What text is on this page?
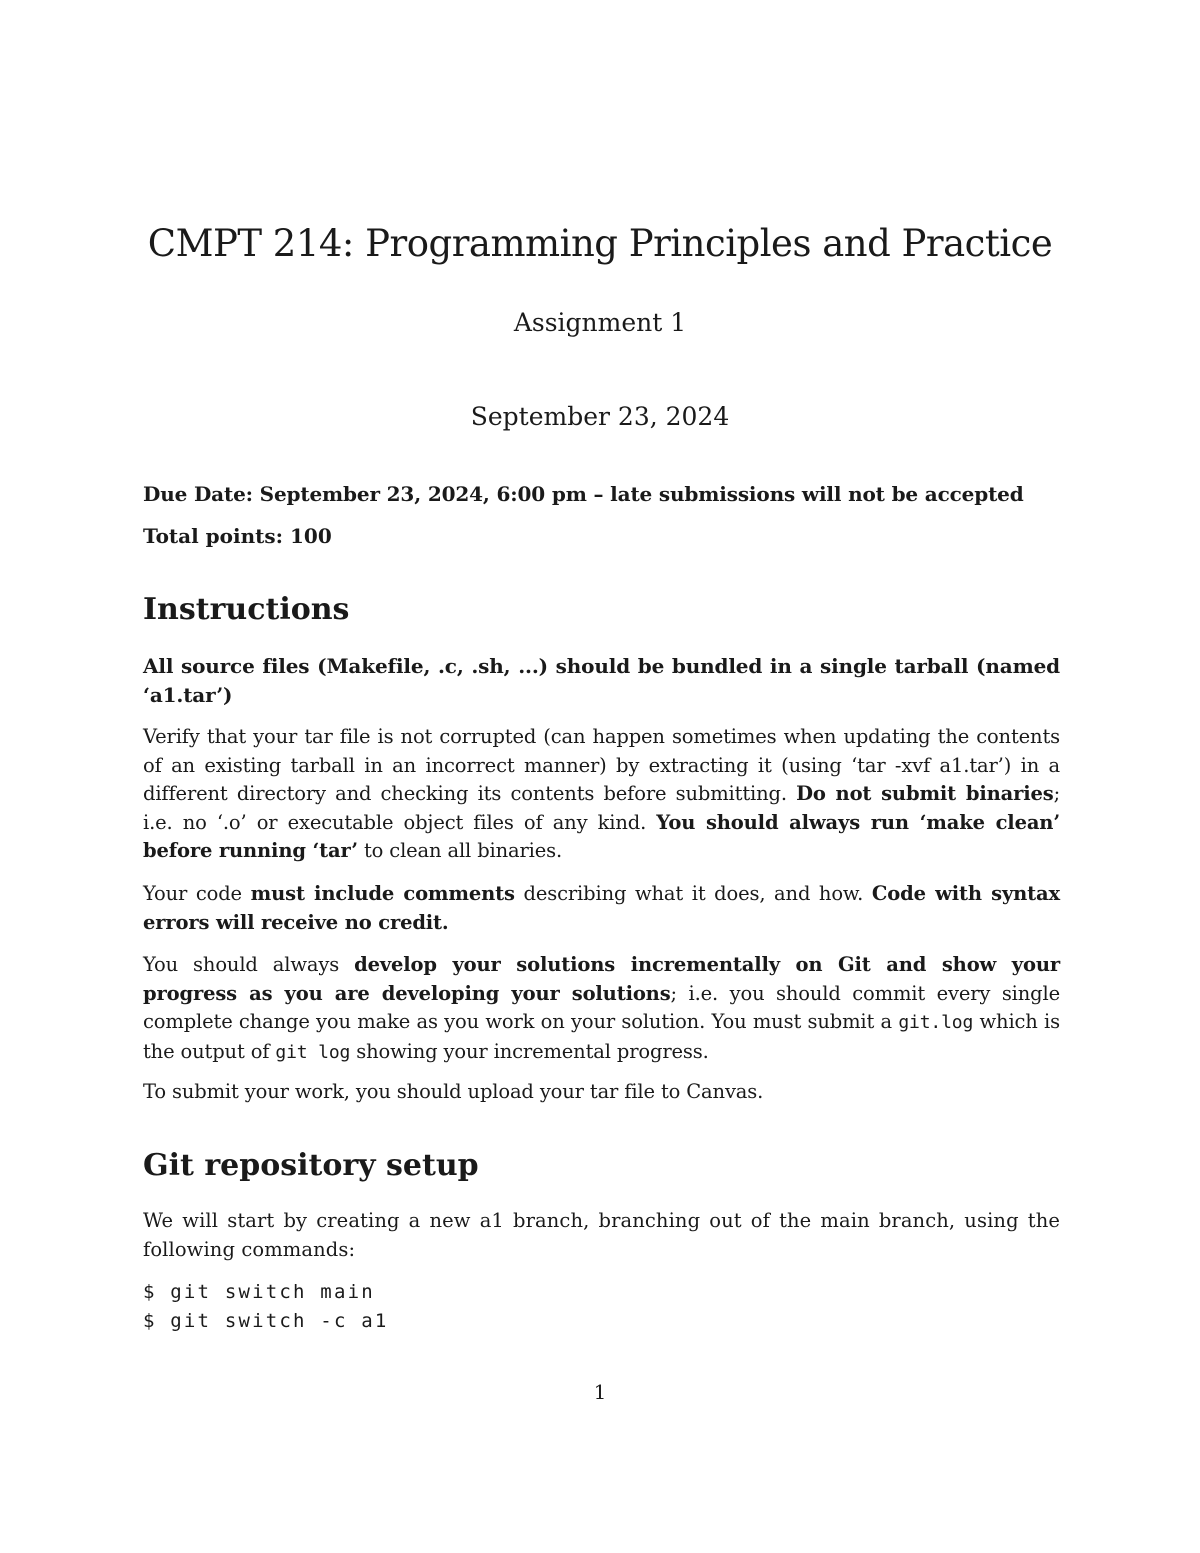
CMPT 214: Programming Principles and Practice
Assignment 1
September 23, 2024
Due Date: September 23, 2024, 6:00 pm – late submissions will not be accepted
Total points: 100
Instructions
All source files (Makefile, .c, .sh, ...) should be bundled in a single tarball (named ‘a1.tar’)
Verify that your tar file is not corrupted (can happen sometimes when updating the contents of an existing tarball in an incorrect manner) by extracting it (using ‘tar -xvf a1.tar’) in a different directory and checking its contents before submitting. Do not submit binaries; i.e. no ‘.o’ or executable object files of any kind. You should always run ‘make clean’ before running ‘tar’ to clean all binaries.
Your code must include comments describing what it does, and how. Code with syntax errors will receive no credit.
You should always develop your solutions incrementally on Git and show your progress as you are developing your solutions; i.e. you should commit every single complete change you make as you work on your solution. You must submit a git.log which is the output of git log showing your incremental progress.
To submit your work, you should upload your tar file to Canvas.
Git repository setup
We will start by creating a new a1 branch, branching out of the main branch, using the following commands:
$ git switch main
$ git switch -c a1
1
